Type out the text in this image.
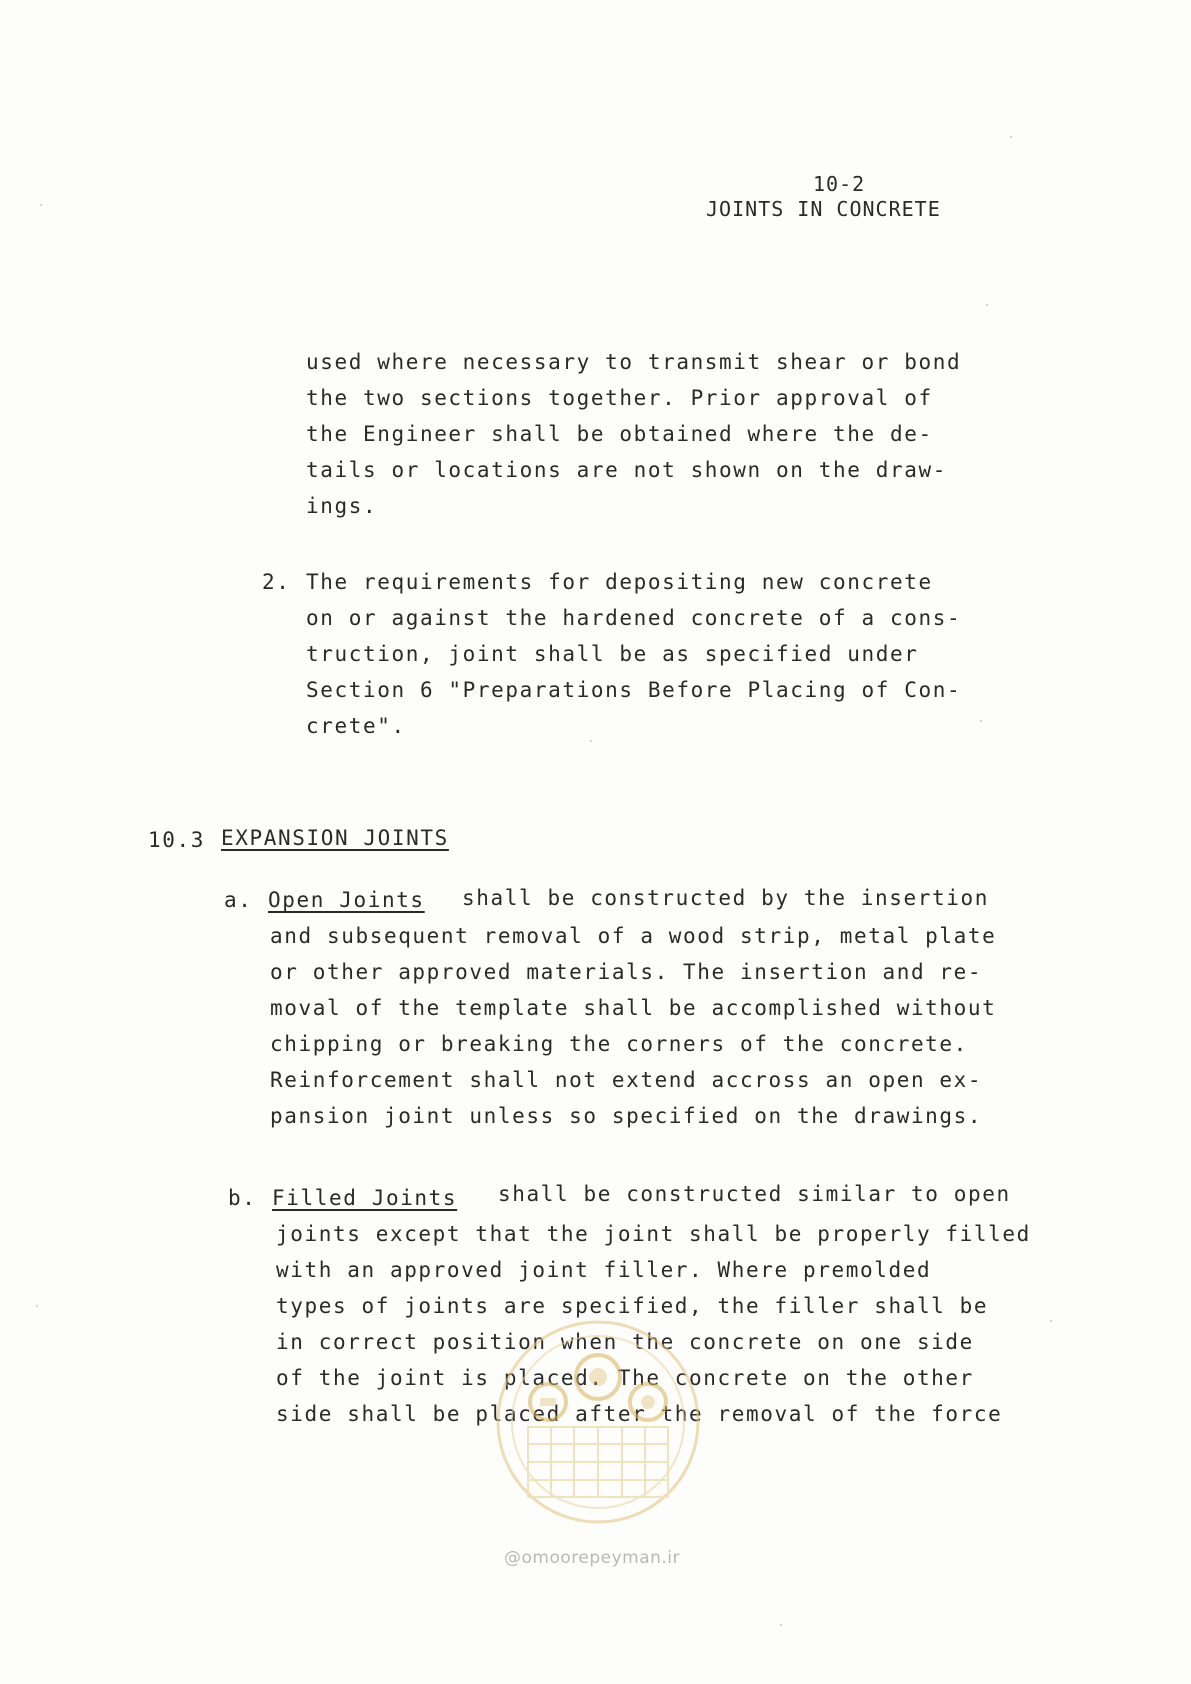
10-2
JOINTS IN CONCRETE
used where necessary to transmit shear or bond
the two sections together. Prior approval of
the Engineer shall be obtained where the de-
tails or locations are not shown on the draw-
ings.
2. The requirements for depositing new concrete
on or against the hardened concrete of a cons-
truction, joint shall be as specified under
Section 6 "Preparations Before Placing of Con-
crete".
10.3 EXPANSION JOINTS
a. Open Joints shall be constructed by the insertion
and subsequent removal of a wood strip, metal plate
or other approved materials. The insertion and re-
moval of the template shall be accomplished without
chipping or breaking the corners of the concrete.
Reinforcement shall not extend accross an open ex-
pansion joint unless so specified on the drawings.
b. Filled Joints shall be constructed similar to open
joints except that the joint shall be properly filled
with an approved joint filler. Where premolded
types of joints are specified, the filler shall be
in correct position when the concrete on one side
of the joint is placed. The concrete on the other
side shall be placed after the removal of the force
@omoorepeyman.ir
